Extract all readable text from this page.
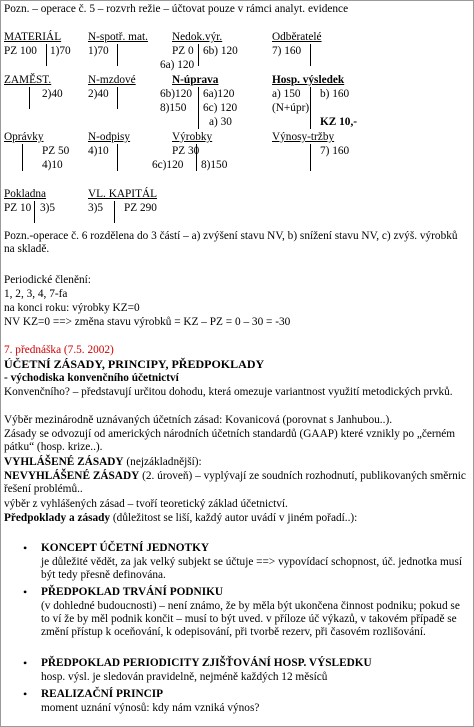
Pozn. – operace č. 5 – rozvrh režie – účtovat pouze v rámci analyt. evidence
MATERIÁL
PZ 100 1)70
N-spotř. mat.
1)70
Nedok.výr.
PZ 0 6b) 120
6a) 120
Odběratelé
7) 160
ZAMĚST.
2)40
N-mzdové
2)40
N-úprava
6b)120 6a)120
8)150 6c) 120
a) 30
Hosp. výsledek
a) 150 b) 160
(N+úpr)
KZ 10,-
Oprávky
PZ 50
4)10
N-odpisy
4)10
Výrobky
PZ 30
6c)120 8)150
Výnosy-tržby
7) 160
Pokladna
PZ 10 3)5
VL. KAPITÁL
3)5 PZ 290
Pozn.-operace č. 6 rozdělena do 3 částí – a) zvýšení stavu NV, b) snížení stavu NV, c) zvýš. výrobků na skladě.
Periodické členění:
1, 2, 3, 4, 7-fa
na konci roku: výrobky KZ=0
NV KZ=0 ==> změna stavu výrobků = KZ – PZ = 0 – 30 = -30
7. přednáška (7.5. 2002)
ÚČETNÍ ZÁSADY, PRINCIPY, PŘEDPOKLADY
- východiska konvenčního účetnictví
Konvenčního? – představují určitou dohodu, která omezuje variantnost využití metodických prvků.
Výběr mezinárodně uznávaných účetních zásad: Kovanicová (porovnat s Janhubou..).
Zásady se odvozují od amerických národních účetních standardů (GAAP) které vznikly po „černém pátku“ (hosp. krize..).
VYHLÁŠENÉ ZÁSADY (nejzákladnější):
NEVYHLÁŠENÉ ZÁSADY (2. úroveň) – vyplývají ze soudních rozhodnutí, publikovaných směrnic řešení problémů..
výběr z vyhlášených zásad – tvoří teoretický základ účetnictví.
Předpoklady a zásady (důležitost se liší, každý autor uvádí v jiném pořadí..):
• KONCEPT ÚČETNÍ JEDNOTKY
je důležité vědět, za jak velký subjekt se účtuje ==> vypovídací schopnost, úč. jednotka musí být tedy přesně definována.
• PŘEDPOKLAD TRVÁNÍ PODNIKU
(v dohledné budoucnosti) – není známo, že by měla být ukončena činnost podniku; pokud se to ví že by měl podnik končit – musí to být uved. v příloze úč výkazů, v takovém případě se změní přístup k oceňování, k odepisování, při tvorbě rezerv, při časovém rozlišování.
• PŘEDPOKLAD PERIODICITY ZJIŠŤOVÁNÍ HOSP. VÝSLEDKU
hosp. výsl. je sledován pravidelně, nejméně každých 12 měsíců
• REALIZAČNÍ PRINCIP
moment uznání výnosů: kdy nám vzniká výnos?
